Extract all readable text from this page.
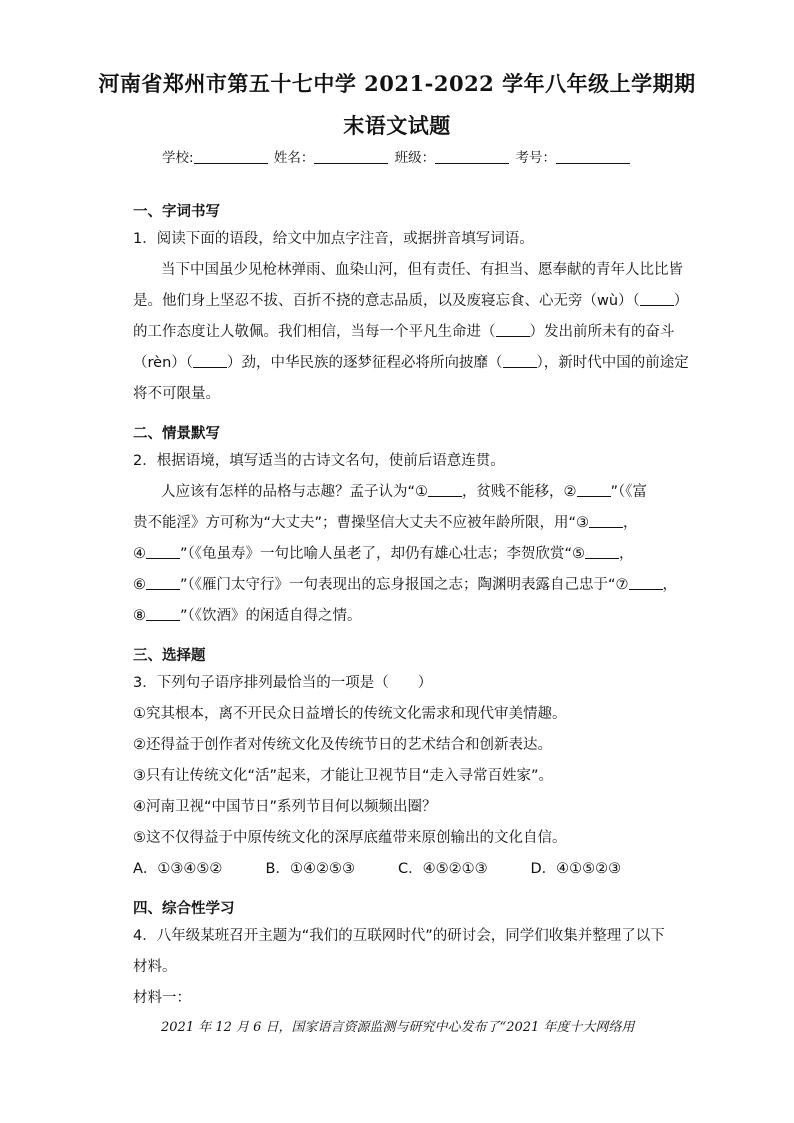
河南省郑州市第五十七中学 2021-2022 学年八年级上学期期
末语文试题
学校:	姓名：	班级：	考号：
一、字词书写
1．阅读下面的语段，给文中加点字注音，或据拼音填写词语。
当下中国虽少见枪林弹雨、血染山河，但有责任、有担当、愿奉献的青年人比比皆
是。他们身上坚忍不拔、百折不挠的意志品质，以及废寝忘食、心无旁（wù）（ ）
的工作态度让人敬佩。我们相信，当每一个平凡生命进（ ）发出前所未有的奋斗
（rèn）（ ）劲，中华民族的逐梦征程必将所向披靡（ ），新时代中国的前途定
将不可限量。
二、情景默写
2．根据语境，填写适当的古诗文名句，使前后语意连贯。
人应该有怎样的品格与志趣？孟子认为“① ，贫贱不能移，② ”（《富
贵不能淫》方可称为“大丈夫”；曹操坚信大丈夫不应被年龄所限，用“③ ，
④ ”（《龟虽寿》一句比喻人虽老了，却仍有雄心壮志；李贺欣赏“⑤ ，
⑥ ”（《雁门太守行》一句表现出的忘身报国之志；陶渊明表露自己忠于“⑦ ，
⑧ ”（《饮酒》的闲适自得之情。
三、选择题
3．下列句子语序排列最恰当的一项是（　　）
①究其根本，离不开民众日益增长的传统文化需求和现代审美情趣。
②还得益于创作者对传统文化及传统节日的艺术结合和创新表达。
③只有让传统文化“活”起来，才能让卫视节目“走入寻常百姓家”。
④河南卫视“中国节日”系列节目何以频频出圈？
⑤这不仅得益于中原传统文化的深厚底蕴带来原创输出的文化自信。
A．①③④⑤②	B．①④②⑤③	C．④⑤②①③	D．④①⑤②③
四、综合性学习
4．八年级某班召开主题为“我们的互联网时代”的研讨会，同学们收集并整理了以下
材料。
材料一：
2021 年 12 月 6 日，国家语言资源监测与研究中心发布了“2021 年度十大网络用
